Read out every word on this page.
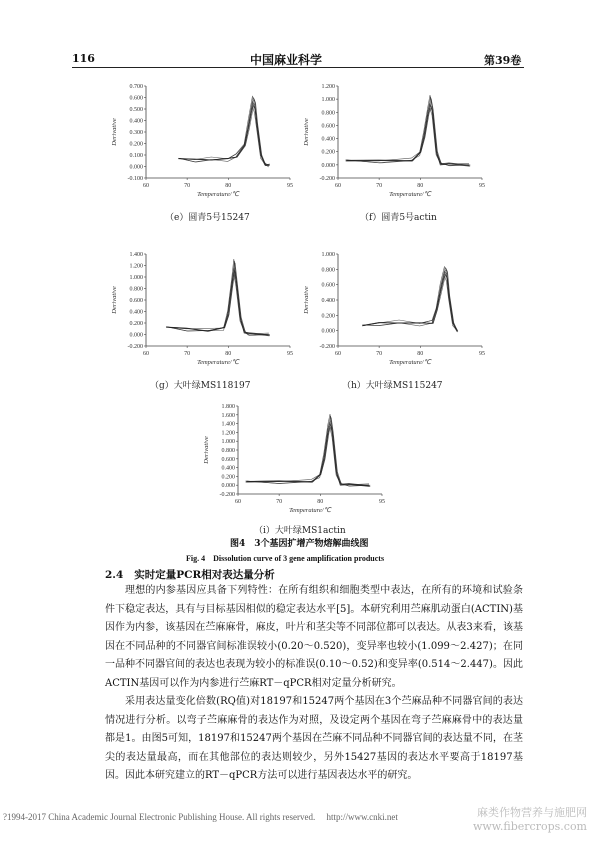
116	中国麻业科学	第39卷
0.700
0.600
0.500
0.400
0.300
0.200
0.100
0.000
-0.100
60	70	80	95
Temperature/℃
Derivative
（e）圆青5号15247
1.200
1.000
0.800
0.600
0.400
0.200
0.000
-0.200
60	70	80	95
Temperature/℃
Derivative
（f）圆青5号actin
1.400
1.200
1.000
0.800
0.600
0.400
0.200
0.000
-0.200
60	70	80	95
Temperature/℃
Derivative
（g）大叶绿MS118197
1.000
0.800
0.600
0.400
0.200
0.000
-0.200
60	70	80	95
Temperature/℃
Derivative
（h）大叶绿MS115247
1.800
1.600
1.400
1.200
1.000
0.800
0.600
0.400
0.200
0.000
-0.200
60	70	80	95
Temperature/℃
Derivative
（i）大叶绿MS1actin
图4　3个基因扩增产物熔解曲线图
Fig. 4　Dissolution curve of 3 gene amplification products
2.4 实时定量PCR相对表达量分析

理想的内参基因应具备下列特性：在所有组织和细胞类型中表达，在所有的环境和试验条件下稳定表达，具有与目标基因相似的稳定表达水平[5]。本研究利用苎麻肌动蛋白(ACTIN)基因作为内参，该基因在苎麻麻骨，麻皮，叶片和茎尖等不同部位都可以表达。从表3来看，该基因在不同品种的不同器官间标准误较小(0.20～0.520)，变异率也较小(1.099～2.427)；在同一品种不同器官间的表达也表现为较小的标准误(0.10～0.52)和变异率(0.514～2.447)。因此ACTIN基因可以作为内参进行苎麻RT－qPCR相对定量分析研究。

采用表达量变化倍数(RQ值)对18197和15247两个基因在3个苎麻品种不同器官间的表达情况进行分析。以弯子苎麻麻骨的表达作为对照，及设定两个基因在弯子苎麻麻骨中的表达量都是1。由图5可知，18197和15247两个基因在苎麻不同品种不同器官间的表达量不同，在茎尖的表达量最高，而在其他部位的表达则较少，另外15427基因的表达水平要高于18197基因。因此本研究建立的RT－qPCR方法可以进行基因表达水平的研究。

?1994-2017 China Academic Journal Electronic Publishing House. All rights reserved.　 http://www.cnki.net	麻类作物营养与施肥网
www.fibercrops.com
